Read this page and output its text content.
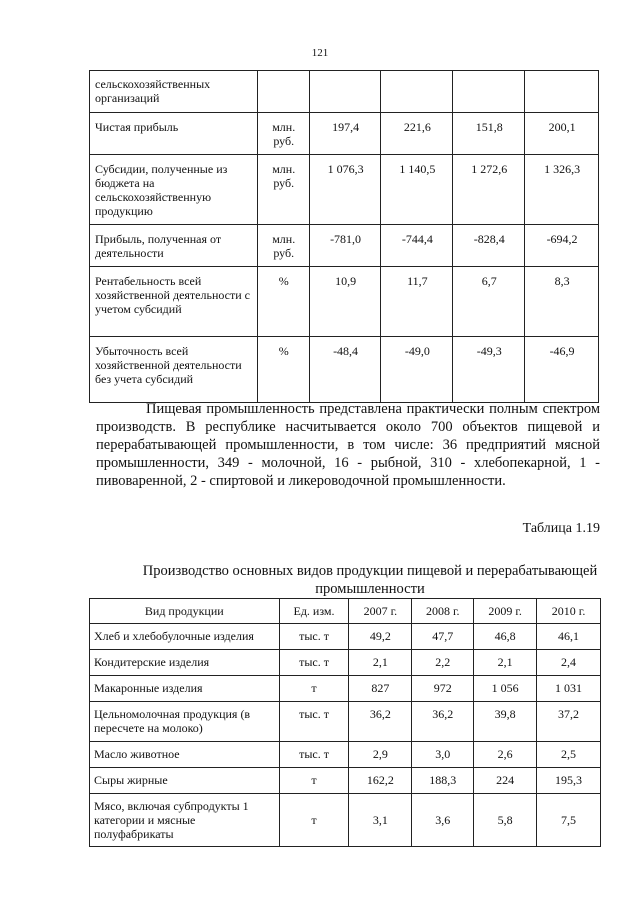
121
сельскохозяйственных организаций					
Чистая прибыль	млн. руб.	197,4	221,6	151,8	200,1
Субсидии, полученные из бюджета на сельскохозяйственную продукцию	млн. руб.	1 076,3	1 140,5	1 272,6	1 326,3
Прибыль, полученная от деятельности	млн. руб.	-781,0	-744,4	-828,4	-694,2
Рентабельность всей хозяйственной деятельности с учетом субсидий	%	10,9	11,7	6,7	8,3
Убыточность всей хозяйственной деятельности без учета субсидий	%	-48,4	-49,0	-49,3	-46,9

Пищевая промышленность представлена практически полным спектром производств. В республике насчитывается около 700 объектов пищевой и перерабатывающей промышленности, в том числе: 36 предприятий мясной промышленности, 349 - молочной, 16 - рыбной, 310 - хлебопекарной, 1 - пивоваренной, 2 - спиртовой и ликероводочной промышленности.

Таблица 1.19
Производство основных видов продукции пищевой и перерабатывающей промышленности
Вид продукции	Ед. изм.	2007 г.	2008 г.	2009 г.	2010 г.
Хлеб и хлебобулочные изделия	тыс. т	49,2	47,7	46,8	46,1
Кондитерские изделия	тыс. т	2,1	2,2	2,1	2,4
Макаронные изделия	т	827	972	1 056	1 031
Цельномолочная продукция (в пересчете на молоко)	тыс. т	36,2	36,2	39,8	37,2
Масло животное	тыс. т	2,9	3,0	2,6	2,5
Сыры жирные	т	162,2	188,3	224	195,3
Мясо, включая субпродукты 1 категории и мясные полуфабрикаты	т	3,1	3,6	5,8	7,5
